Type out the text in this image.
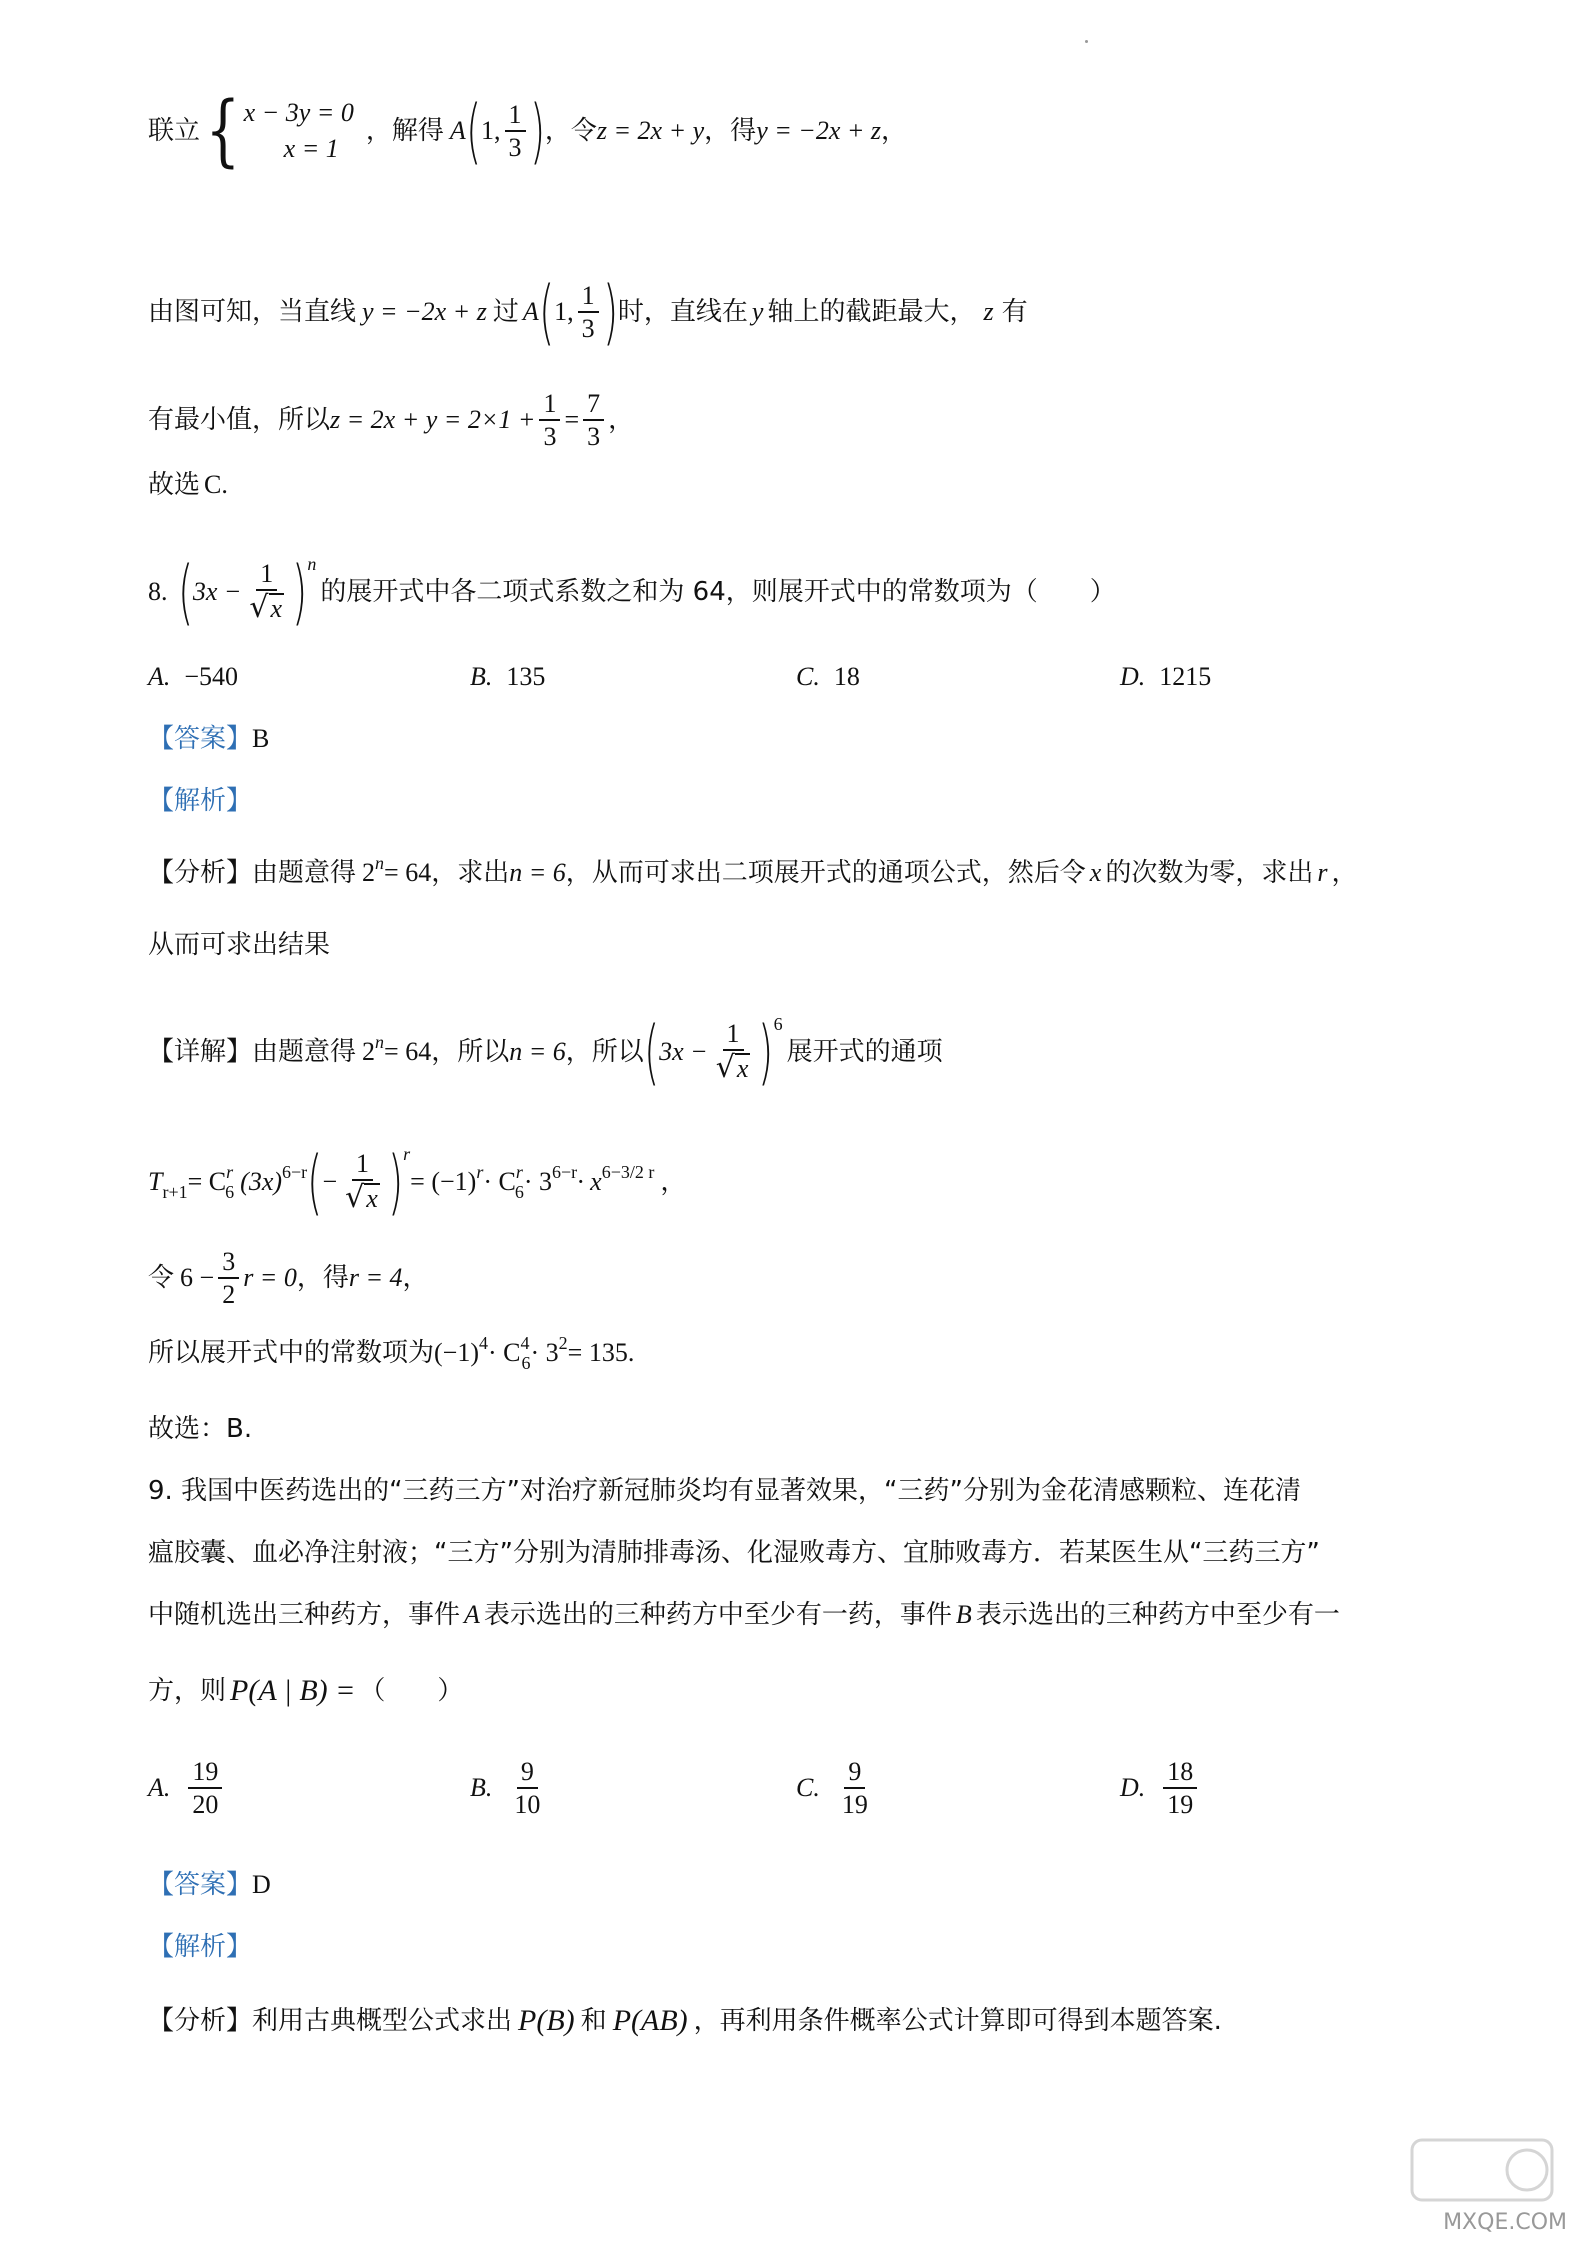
联立 { x − 3y = 0
x = 1
，解得 A ( 1, $\frac{1}{3}$ ) ，令 z = 2x + y ，得 y = −2x + z ，
由图可知，当直线 y = −2x + z 过 A ( 1, $\frac{1}{3}$ ) 时，直线在 y 轴上的截距最大， z 有
有最小值，所以 $z = 2x + y = 2\times 1 + \frac{1}{3} = \frac{7}{3}$ ，
故选 C .
8. ( $3x - \frac{1}{√ x}$ ) n
的展开式中各二项式系数之和为 64，则展开式中的常数项为（　　）
A. −540	B. 135	C. 18	D. 1215
【答案】 B
【解析】
【分析】 由题意得 2 n = 64 ，求出 n = 6 ，从而可求出二项展开式的通项公式，然后令 x 的次数为零，求出 r ，
从而可求出结果
【详解】 由题意得 2 n = 64 ，所以 n = 6 ，所以 ( $3x - \frac{1}{√ x}$ ) 6
展开式的通项
T r+1 = C r
6 (3x) 6−r ( − $\frac{1}{√ x}$ ) r
= (−1) r · C r
6 · 3 6−r · x 6−3/2 r ，
令 $6 - \frac{3}{2}$ r = 0 ，得 r = 4 ，
所以展开式中的常数项为 (−1) 4 · C 4
6 · 3 2 = 135 .
故选：B.
9. 我国中医药选出的“三药三方”对治疗新冠肺炎均有显著效果，“三药”分别为金花清感颗粒、连花清
瘟胶囊、血必净注射液；“三方”分别为清肺排毒汤、化湿败毒方、宜肺败毒方．若某医生从“三药三方”
中随机选出三种药方，事件 A 表示选出的三种药方中至少有一药，事件 B 表示选出的三种药方中至少有一
方，则 P(A | B) = （　　）
A. $\frac{19}{20}$	B. $\frac{9}{10}$	C. $\frac{9}{19}$	D. $\frac{18}{19}$
【答案】 D
【解析】
【分析】 利用古典概型公式求出 P(B) 和 P(AB) ，再利用条件概率公式计算即可得到本题答案.
MXQE.COM
